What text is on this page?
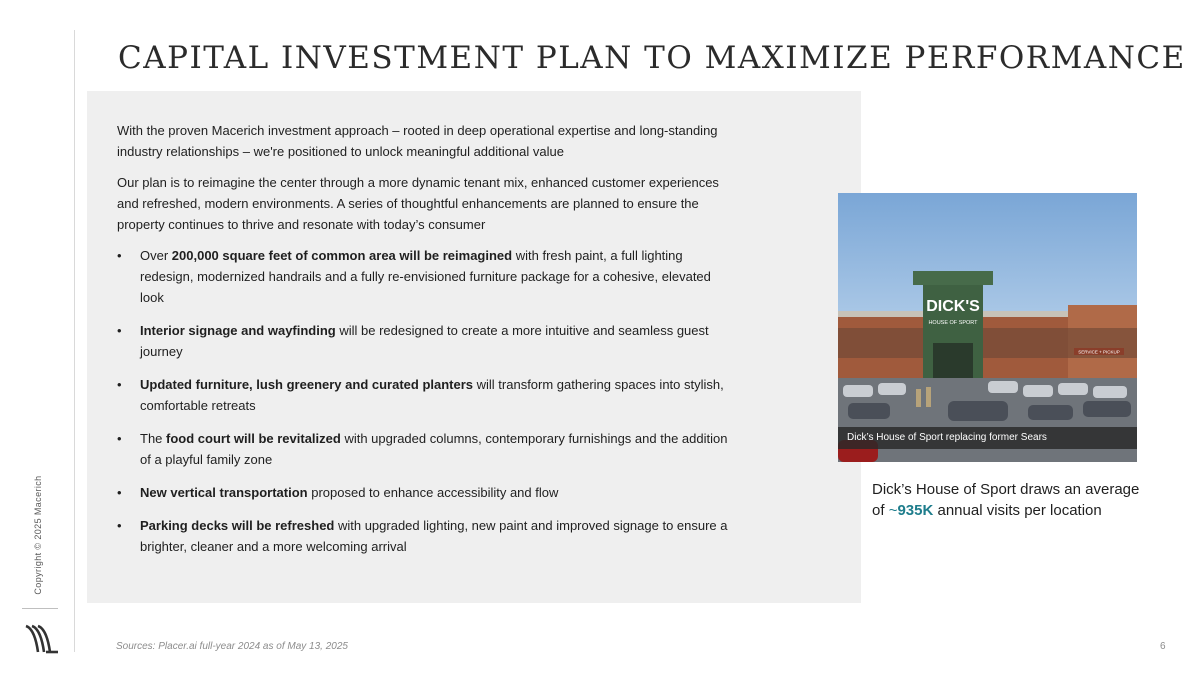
Copyright © 2025 Macerich
CAPITAL INVESTMENT PLAN TO MAXIMIZE PERFORMANCE

With the proven Macerich investment approach – rooted in deep operational expertise and long-standing industry relationships – we're positioned to unlock meaningful additional value

Our plan is to reimagine the center through a more dynamic tenant mix, enhanced customer experiences and refreshed, modern environments. A series of thoughtful enhancements are planned to ensure the property continues to thrive and resonate with today’s consumer

• Over 200,000 square feet of common area will be reimagined with fresh paint, a full lighting redesign, modernized handrails and a fully re-envisioned furniture package for a cohesive, elevated look
• Interior signage and wayfinding will be redesigned to create a more intuitive and seamless guest journey
• Updated furniture, lush greenery and curated planters will transform gathering spaces into stylish, comfortable retreats
• The food court will be revitalized with upgraded columns, contemporary furnishings and the addition of a playful family zone
• New vertical transportation proposed to enhance accessibility and flow
• Parking decks will be refreshed with upgraded lighting, new paint and improved signage to ensure a brighter, cleaner and a more welcoming arrival
DICK'S
HOUSE OF SPORT
SERVICE + PICKUP
Dick’s House of Sport replacing former Sears
Dick’s House of Sport draws an average of ~935K annual visits per location
Sources: Placer.ai full-year 2024 as of May 13, 2025	6
